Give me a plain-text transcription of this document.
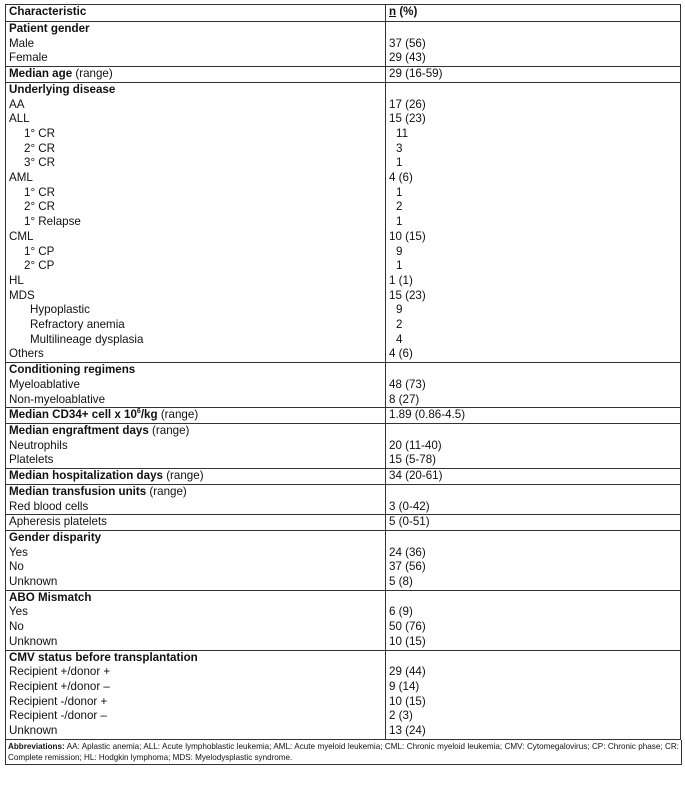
Characteristic	n (%)
Patient gender	
Male	37 (56)
Female	29 (43)
Median age (range)	29 (16-59)
Underlying disease	
AA	17 (26)
ALL	15 (23)
1° CR	11
2° CR	3
3° CR	1
AML	4 (6)
1° CR	1
2° CR	2
1° Relapse	1
CML	10 (15)
1° CP	9
2° CP	1
HL	1 (1)
MDS	15 (23)
Hypoplastic	9
Refractory anemia	2
Multilineage dysplasia	4
Others	4 (6)
Conditioning regimens	
Myeloablative	48 (73)
Non-myeloablative	8 (27)
Median CD34+ cell x $10^6/kg$ (range)	1.89 (0.86-4.5)
Median engraftment days (range)	
Neutrophils	20 (11-40)
Platelets	15 (5-78)
Median hospitalization days (range)	34 (20-61)
Median transfusion units (range)	
Red blood cells	3 (0-42)
Apheresis platelets	5 (0-51)
Gender disparity	
Yes	24 (36)
No	37 (56)
Unknown	5 (8)
ABO Mismatch	
Yes	6 (9)
No	50 (76)
Unknown	10 (15)
CMV status before transplantation	
Recipient +/donor +	29 (44)
Recipient +/donor –	9 (14)
Recipient -/donor +	10 (15)
Recipient -/donor –	2 (3)
Unknown	13 (24)
Abbreviations: AA: Aplastic anemia; ALL: Acute lymphoblastic leukemia; AML: Acute myeloid leukemia; CML: Chronic myeloid leukemia; CMV: Cytomegalovirus; CP: Chronic phase; CR: Complete remission; HL: Hodgkin lymphoma; MDS: Myelodysplastic syndrome.
